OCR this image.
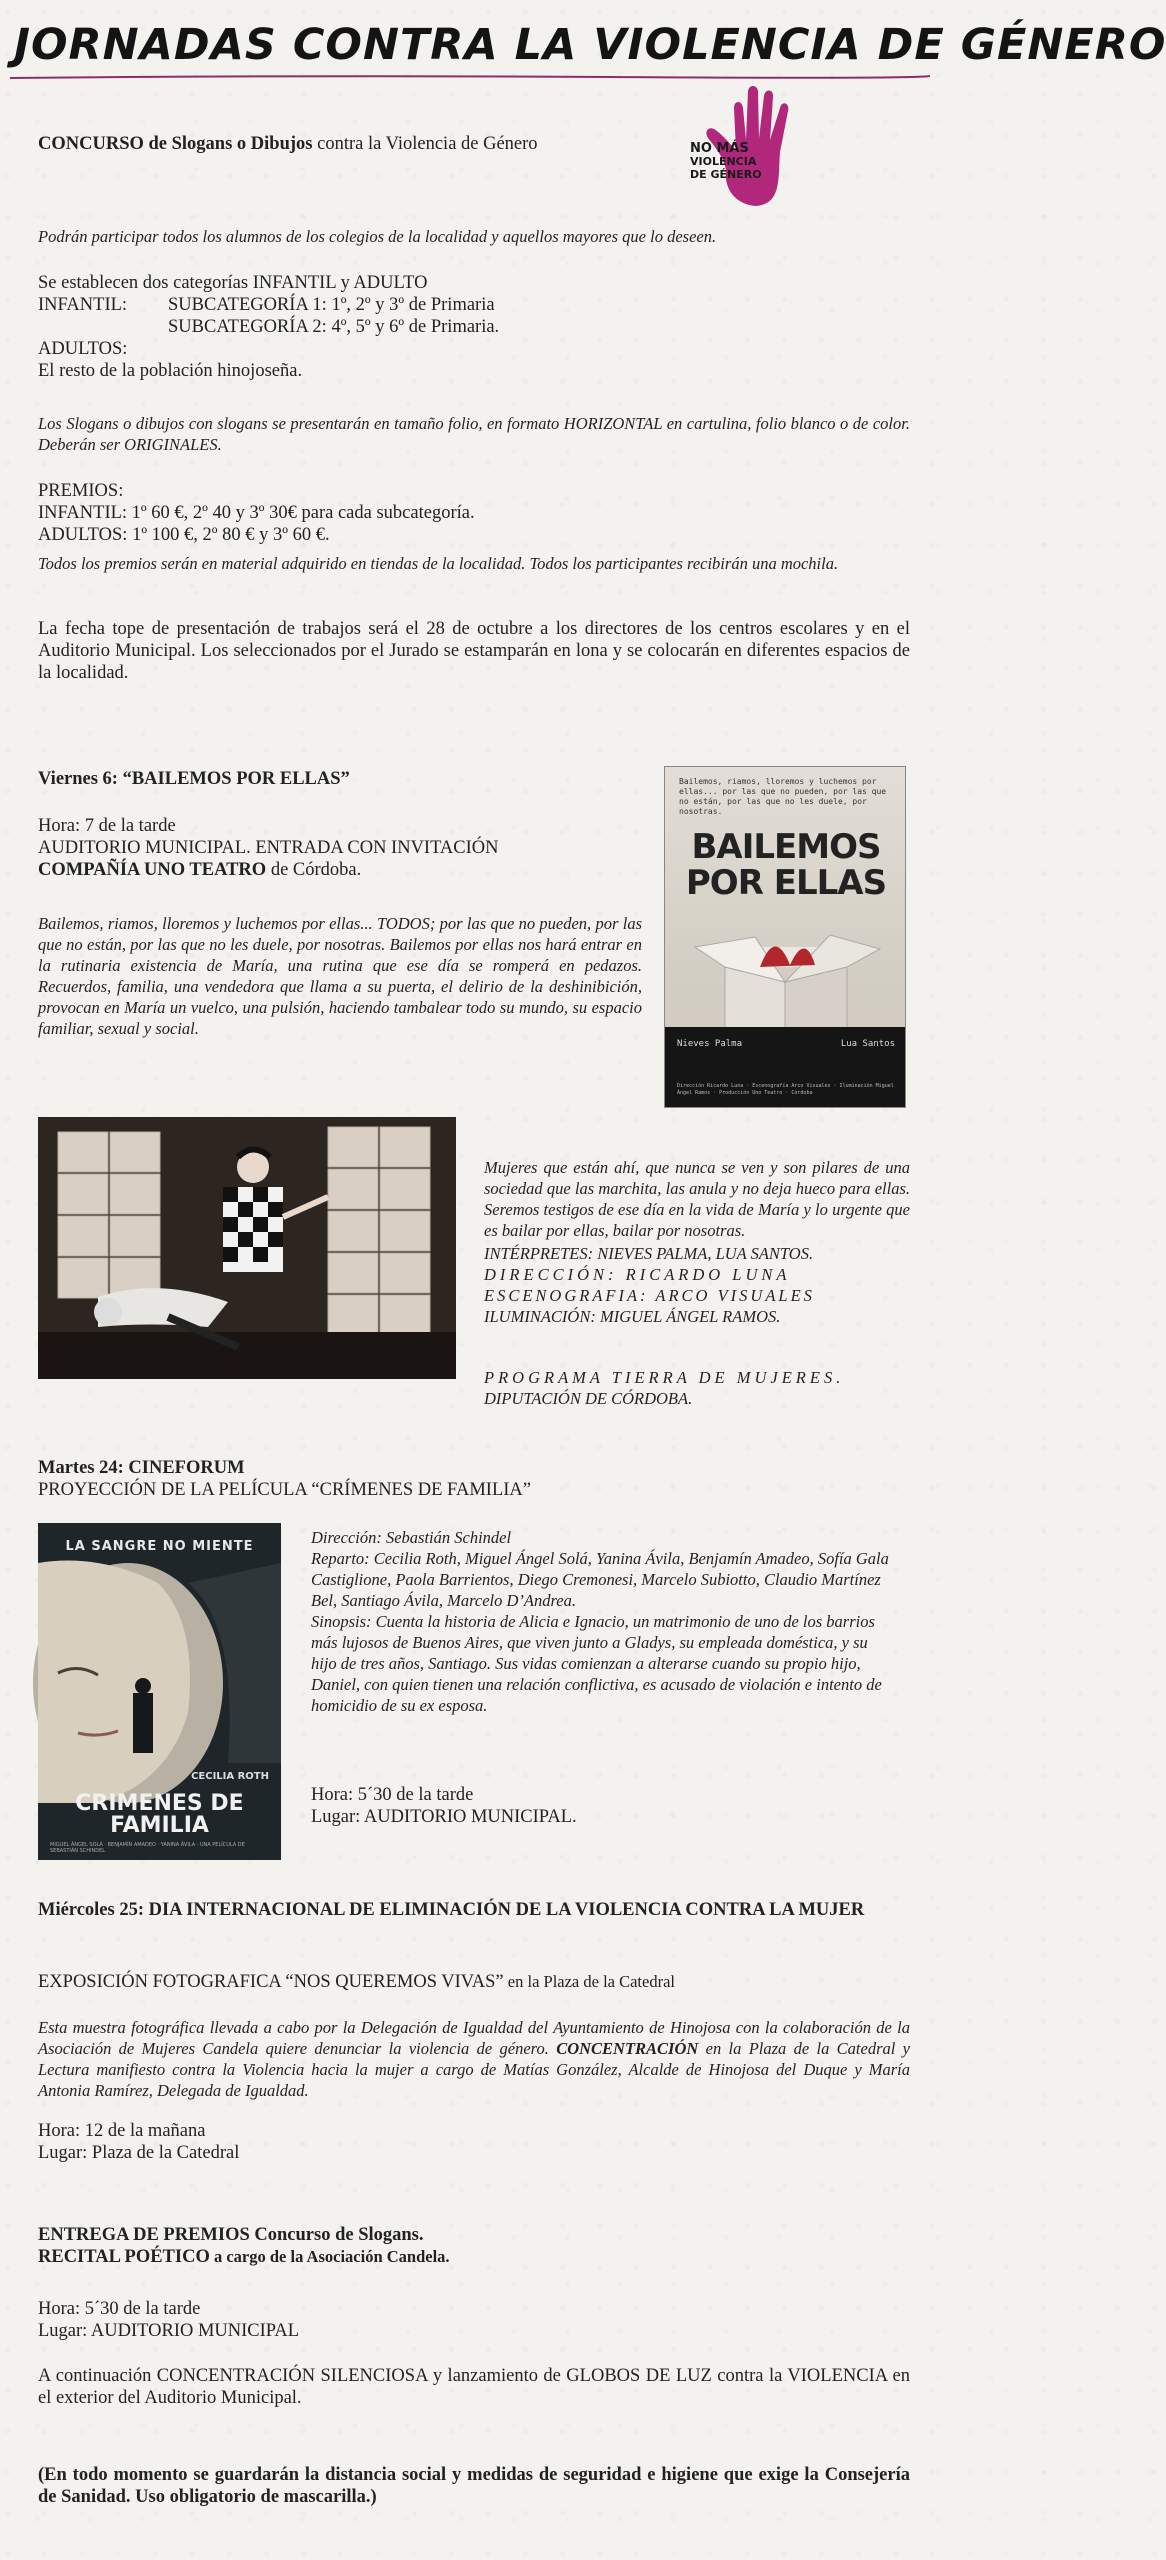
JORNADAS CONTRA LA VIOLENCIA DE GÉNERO
NO MÁS
VIOLENCIA
DE GÉNERO
CONCURSO de Slogans o Dibujos contra la Violencia de Género
Podrán participar todos los alumnos de los colegios de la localidad y aquellos mayores que lo deseen.
Se establecen dos categorías INFANTIL y ADULTO
INFANTIL:	SUBCATEGORÍA 1: 1º, 2º y 3º de Primaria
SUBCATEGORÍA 2: 4º, 5º y 6º de Primaria.
ADULTOS:
El resto de la población hinojoseña.
Los Slogans o dibujos con slogans se presentarán en tamaño folio, en formato HORIZONTAL en cartulina, folio blanco o de color. Deberán ser ORIGINALES.
PREMIOS:
INFANTIL: 1º 60 €, 2º 40 y 3º 30€ para cada subcategoría.
ADULTOS: 1º 100 €, 2º 80 € y 3º 60 €.
Todos los premios serán en material adquirido en tiendas de la localidad. Todos los participantes recibirán una mochila.
La fecha tope de presentación de trabajos será el 28 de octubre a los directores de los centros escolares y en el Auditorio Municipal. Los seleccionados por el Jurado se estamparán en lona y se colocarán en diferentes espacios de la localidad.
Viernes 6: “BAILEMOS POR ELLAS”
Hora: 7 de la tarde
AUDITORIO MUNICIPAL. ENTRADA CON INVITACIÓN
COMPAÑÍA UNO TEATRO de Córdoba.
Bailemos, riamos, lloremos y luchemos por ellas... TODOS; por las que no pueden, por las que no están, por las que no les duele, por nosotras. Bailemos por ellas nos hará entrar en la rutinaria existencia de María, una rutina que ese día se romperá en pedazos. Recuerdos, familia, una vendedora que llama a su puerta, el delirio de la deshinibición, provocan en María un vuelco, una pulsión, haciendo tambalear todo su mundo, su espacio familiar, sexual y social.
Bailemos, riamos, lloremos y luchemos por ellas... por las que no pueden, por las que no están, por las que no les duele, por nosotras.
BAILEMOS
POR ELLAS
Nieves Palma	Lua Santos
Dirección Ricardo Luna · Escenografía Arco Visuales · Iluminación Miguel Ángel Ramos · Producción Uno Teatro · Córdoba
Mujeres que están ahí, que nunca se ven y son pilares de una sociedad que las marchita, las anula y no deja hueco para ellas. Seremos testigos de ese día en la vida de María y lo urgente que es bailar por ellas, bailar por nosotras.
INTÉRPRETES: NIEVES PALMA, LUA SANTOS.
DIRECCIÓN: RICARDO LUNA
ESCENOGRAFIA: ARCO VISUALES
ILUMINACIÓN: MIGUEL ÁNGEL RAMOS.
PROGRAMA TIERRA DE MUJERES.
DIPUTACIÓN DE CÓRDOBA.
Martes 24: CINEFORUM
PROYECCIÓN DE LA PELÍCULA “CRÍMENES DE FAMILIA”
LA SANGRE NO MIENTE
CECILIA ROTH
CRIMENES DE
FAMILIA
MIGUEL ÁNGEL SOLÁ · BENJAMÍN AMADEO · YANINA ÁVILA · UNA PELÍCULA DE SEBASTIÁN SCHINDEL
Dirección: Sebastián Schindel
Reparto: Cecilia Roth, Miguel Ángel Solá, Yanina Ávila, Benjamín Amadeo, Sofía Gala Castiglione, Paola Barrientos, Diego Cremonesi, Marcelo Subiotto, Claudio Martínez Bel, Santiago Ávila, Marcelo D’Andrea.
Sinopsis: Cuenta la historia de Alicia e Ignacio, un matrimonio de uno de los barrios más lujosos de Buenos Aires, que viven junto a Gladys, su empleada doméstica, y su hijo de tres años, Santiago. Sus vidas comienzan a alterarse cuando su propio hijo, Daniel, con quien tienen una relación conflictiva, es acusado de violación e intento de homicidio de su ex esposa.
Hora: 5´30 de la tarde
Lugar: AUDITORIO MUNICIPAL.
Miércoles 25: DIA INTERNACIONAL DE ELIMINACIÓN DE LA VIOLENCIA CONTRA LA MUJER
EXPOSICIÓN FOTOGRAFICA “NOS QUEREMOS VIVAS” en la Plaza de la Catedral
Esta muestra fotográfica llevada a cabo por la Delegación de Igualdad del Ayuntamiento de Hinojosa con la colaboración de la Asociación de Mujeres Candela quiere denunciar la violencia de género. CONCENTRACIÓN en la Plaza de la Catedral y Lectura manifiesto contra la Violencia hacia la mujer a cargo de Matías González, Alcalde de Hinojosa del Duque y María Antonia Ramírez, Delegada de Igualdad.
Hora: 12 de la mañana
Lugar: Plaza de la Catedral
ENTREGA DE PREMIOS Concurso de Slogans.
RECITAL POÉTICO a cargo de la Asociación Candela.
Hora: 5´30 de la tarde
Lugar: AUDITORIO MUNICIPAL
A continuación CONCENTRACIÓN SILENCIOSA y lanzamiento de GLOBOS DE LUZ contra la VIOLENCIA en el exterior del Auditorio Municipal.
(En todo momento se guardarán la distancia social y medidas de seguridad e higiene que exige la Consejería de Sanidad. Uso obligatorio de mascarilla.)
